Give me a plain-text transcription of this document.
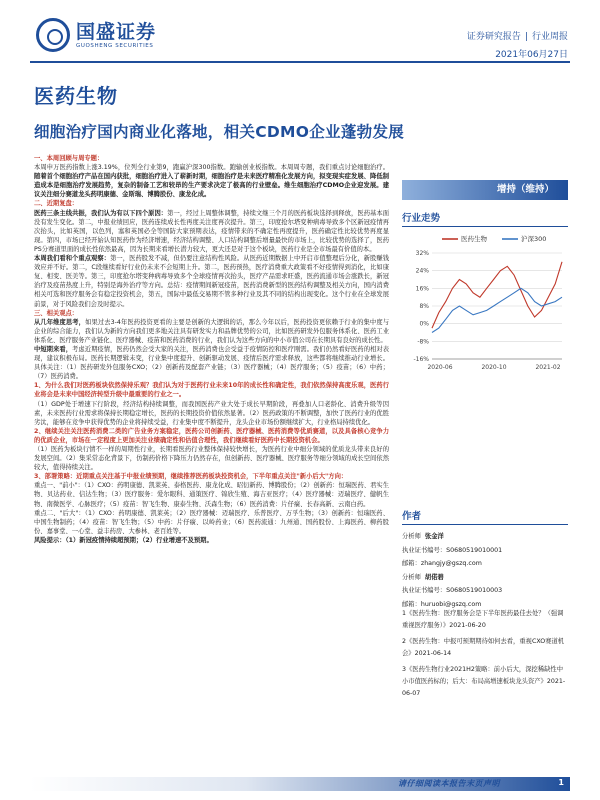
国盛证券
GUOSHENG SECURITIES
证券研究报告 | 行业周报
2021年06月27日
医药生物
细胞治疗国内商业化落地，相关CDMO企业蓬勃发展

一、本周回顾与周专题：

本周申万医药指数上涨3.19%，位列全行业第9，跑赢沪深300指数。跑输创业板指数。本周周专题，我们重点讨论细胞治疗。随着首个细胞治疗产品在国内获批，细胞治疗进入了崭新时期，细胞治疗是未来医疗精准化发展方向，拟变现实症发展、降低制造成本是细胞治疗发展趋势，复杂的制备工艺和较昂的生产要求决定了极高的行业壁垒。维生细胞治疗CDMO企业迎发展。建议关注细分赛道龙头药明康德、金斯瑞、博腾股份、康龙化成。

二、近期复盘：

医药三条主线共振，我们认为有以下四个原因：第一，经过上周整体调整，持续文继三个月的医药板块选择到释放，医药基本面没有发生变化。第二，中报业绩回应，医药连续成长性再度关注度再次提升。第三，印度抢尔塔变种病毒导致多个区新冠疫情再次抬头，比如英国，以色列，塞和英国必全等国防大家预期表达，疫情带来的不确定性再度提升，医药确定性比较优势再度显现。第四，市场已经开始认知医药作为经济增速，经济结构调整、人口结构调整后增量最快的市场上，比较优势的选择了，医药PS分赛道里面的成长性依然最高，因为长期来看增长潜力较大，更大还是对于这个板块，医药行业是全市场最有价值的本。

本周我们看和个重点观察：第一，医药股发不减，但仍要注意结构性风险。从医药近期数据上中开启市值整理后分化，新股赚钱效应并不好。第二，C段继续看好行业仍未来不会短期上升。第二，医药预热，医疗消费重大政策看不好疫情得到消化，比如康复、相变、医美等。第三，印度抢尔塔变种病毒导致多个全球疫情再次抬头，医疗产品需求旺盛，医药流通市场会涨跌长，新冠治疗及疫苗热度上升，特别是海外治疗等方向。总结：疫情期间新冠疫苗，医药消费新型的医药结构调整及相关方向，国内消费相关可选和医疗服务会有稳定投资机会，第五，国际中最低交易期不管多种行业及其不同的结构出现变化。这个行业在全球发展前景，对于风险我们会及时提示。

三、相关观点：

从几年维度思考，如果过去3-4年医药投资更看的主要是创新的大逻辑的话，那么今年以后，医药投资更依赖于行业的集中度与企业的综合能力，我们认为新的方向我们更多地关注具有研发实力和品牌优势的公司，比如医药研发外包服务体系化、医药工业体系化、医疗服务产业链化、医疗器械、疫苗和医药消费的行业，我们认为这些方向的中小市值公司在长期具有良好的成长性。

中短期来看，考虑近期疫情，医药仍然会受大家的关注，医药消费也会受益于疫情防控和医疗刚需。我们仍然看好医药的相对表现，建议积极布局。医药长期逻辑未变，行业集中度提升、创新驱动发展、疫情后医疗需求释放，这些都将继续推动行业增长。具体关注：（1）医药研发外包服务CXO；（2）创新药及配套产业链；（3）医疗器械；（4）医疗服务；（5）疫苗；（6）中药；（7）医药消费。

1、为什么我们对医药板块依然保持乐观？我们认为对于医药行业未来10年的成长性和确定性，我们依然保持高度乐观，医药行业将会是未来中国经济转型升级中最重要的行业之一。

（1）GDP处于增速下行阶段，经济结构持续调整，而我国医药产业大处于成长早期阶段，再叠加人口老龄化、消费升级等因素，未来医药行业需求将保持长期稳定增长，医药的长期投资价值依然显著。（2）医药政策的不断调整，加快了医药行业的优胜劣汰，能够在竞争中获得优势的企业将持续受益，行业集中度不断提升，龙头企业市场份额继续扩大，行业格局持续优化。

2、继续关注关注医药消费二类的广告业务方案稳定，医药公司创新药、医疗器械、医药消费等优质赛道，以及具备核心竞争力的优质企业，市场在一定程度上更加关注业绩确定性和估值合理性，我们继续看好医药中长期投资机会。

（1）医药为板块行情不一样的周期性行业，长期看医药行业整体保持较快增长，为医药行业中细分领域的优质龙头带来良好的发展空间。（2）集采常态化背景下，仿制药价格下降压力仍然存在，但创新药、医疗器械、医疗服务等细分领域的成长空间依然较大，值得持续关注。

3、部署策略：近期重点关注基于中报业绩预期，继续推荐医药板块投资机会，下半年重点关注"新小后大"方向：

重点一、"前小"：（1）CXO：药明康德、凯莱英、泰格医药、康龙化成、昭衍新药、博腾股份；（2）创新药：恒瑞医药、君实生物、贝达药业、信达生物；（3）医疗服务：爱尔眼科、通策医疗、锦欣生殖、海吉亚医疗；（4）医疗器械：迈瑞医疗、健帆生物、南微医学、心脉医疗；（5）疫苗：智飞生物、康泰生物、沃森生物；（6）医药消费：片仔癀、长春高新、云南白药。

重点二、"后大"：（1）CXO：药明康德、凯莱英；（2）医疗器械：迈瑞医疗、乐普医疗、万孚生物；（3）创新药：恒瑞医药、中国生物制药；（4）疫苗：智飞生物；（5）中药：片仔癀、以岭药业；（6）医药流通：九州通、国药股份、上海医药、柳药股份、嘉事堂、一心堂、益丰药房、大参林、老百姓等。

风险提示：（1）新冠疫情持续超预期；（2）行业增速不及预期。

增持（维持）
行业走势
医药生物	沪深300
32%
24%
16%
8%
0%
-8%
-16%
2020-06	2020-10	2021-02
作者
分析师 张金洋
执业证书编号：S0680519010001
邮箱：zhangjy@gszq.com
分析师 胡偌碧
执业证书编号：S0680519010003
邮箱：huruobi@gszq.com
1《医药生物：医疗服务会是下半年医药最佳去处？（强调重视医疗服务）》2021-06-20
2《医药生物：中报可预期期待如何去看，重视CXO赛道机会》2021-06-14
3《医药生物行业2021H2策略：前小后大，深挖稀缺性中小市值医药标的；后大：布局高增速板块龙头资产》2021-06-07
请仔细阅读本报告末页声明	1
